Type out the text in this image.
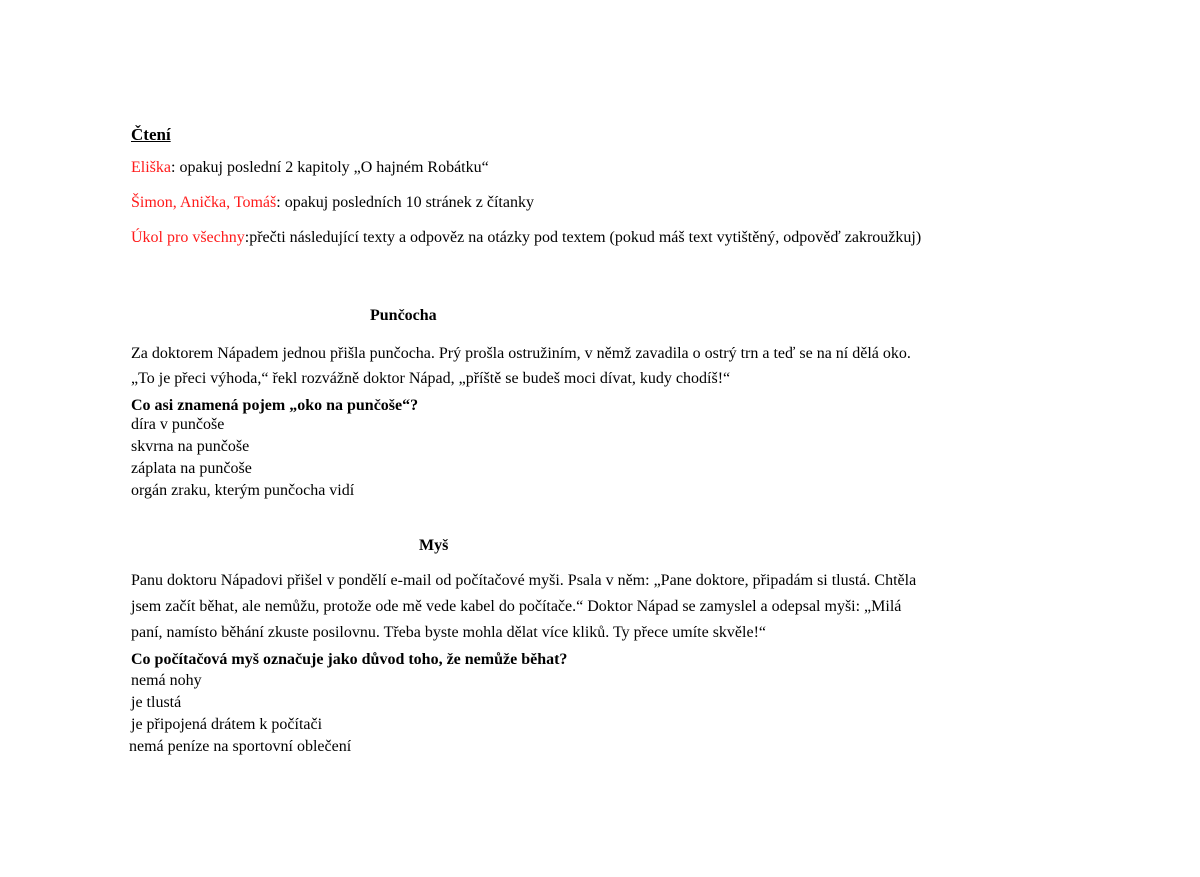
Čtení
Eliška: opakuj poslední 2 kapitoly „O hajném Robátku“
Šimon, Anička, Tomáš: opakuj posledních 10 stránek z čítanky
Úkol pro všechny:přečti následující texty a odpověz na otázky pod textem (pokud máš text vytištěný, odpověď zakroužkuj)
Punčocha
Za doktorem Nápadem jednou přišla punčocha. Prý prošla ostružiním, v němž zavadila o ostrý trn a teď se na ní dělá oko.
„To je přeci výhoda,“ řekl rozvážně doktor Nápad, „příště se budeš moci dívat, kudy chodíš!“
Co asi znamená pojem „oko na punčoše“?
díra v punčoše
skvrna na punčoše
záplata na punčoše
orgán zraku, kterým punčocha vidí
Myš
Panu doktoru Nápadovi přišel v pondělí e-mail od počítačové myši. Psala v něm: „Pane doktore, připadám si tlustá. Chtěla
jsem začít běhat, ale nemůžu, protože ode mě vede kabel do počítače.“ Doktor Nápad se zamyslel a odepsal myši: „Milá
paní, namísto běhání zkuste posilovnu. Třeba byste mohla dělat více kliků. Ty přece umíte skvěle!“
Co počítačová myš označuje jako důvod toho, že nemůže běhat?
nemá nohy
je tlustá
je připojená drátem k počítači
nemá peníze na sportovní oblečení
